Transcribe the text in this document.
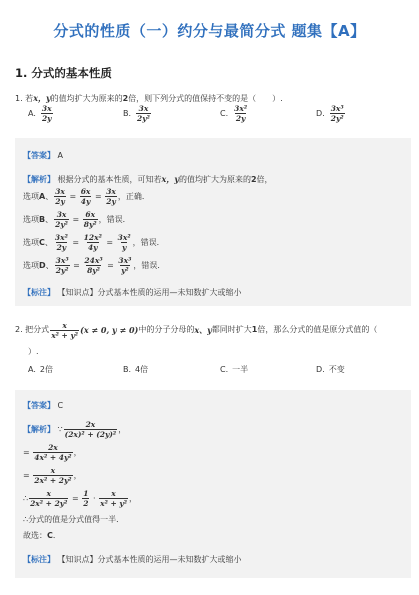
分式的性质（一）约分与最简分式 题集【A】
1. 分式的基本性质
1. 若x，y的值均扩大为原来的2倍，则下列分式的值保持不变的是（　　）.
A. $\frac{3x}{2y}$	B. $\frac{3x}{\text{2y²}}$	C. $\frac{\text{3x²}}{2y}$	D. $\frac{\text{3x³}}{\text{2y²}}$
【答案】 A
【解析】 根据分式的基本性质，可知若x，y的值均扩大为原来的2倍，
选项 A 、 $\frac{3x}{2y} = \frac{6x}{4y} = \frac{3x}{2y}$ ，正确．
选项 B 、 $\frac{3x}{\text{2y²}} = \frac{6x}{\text{8y²}}$ ，错误．
选项 C 、 $\frac{\text{3x²}}{2y} = \frac{\text{12x²}}{4y} = \frac{\text{3x²}}{y}$ ，错误．
选项 D 、 $\frac{\text{3x³}}{\text{2y²}} = \frac{\text{24x³}}{\text{8y²}} = \frac{\text{3x³}}{\text{y²}}$ ，错误．
【标注】 【知识点】分式基本性质的运用—未知数扩大或缩小
2. 把分式 $\frac{x}{\text{x² + y²}} (x \ne 0$, y ≠ 0) 中的分子分母的 x、y 都同时扩大 1 倍，那么分式的值是原分式值的（
）.
A. 2倍	B. 4倍	C. 一半	D. 不变
【答案】 C
【解析】
∵ $\frac{2x}{\text{(2x)² + (2y)²}}$ ，
=
$\frac{2x}{\text{4x² + 4y²}}$ ，
=
$\frac{x}{\text{2x² + 2y²}}$ ，
∴ $\frac{x}{\text{2x² + 2y²}} = \frac{1}{2}$
·
$\frac{x}{\text{x² + y²}}$ ，
∴分式的值是分式值得一半．
故选：C．
【标注】 【知识点】分式基本性质的运用—未知数扩大或缩小
